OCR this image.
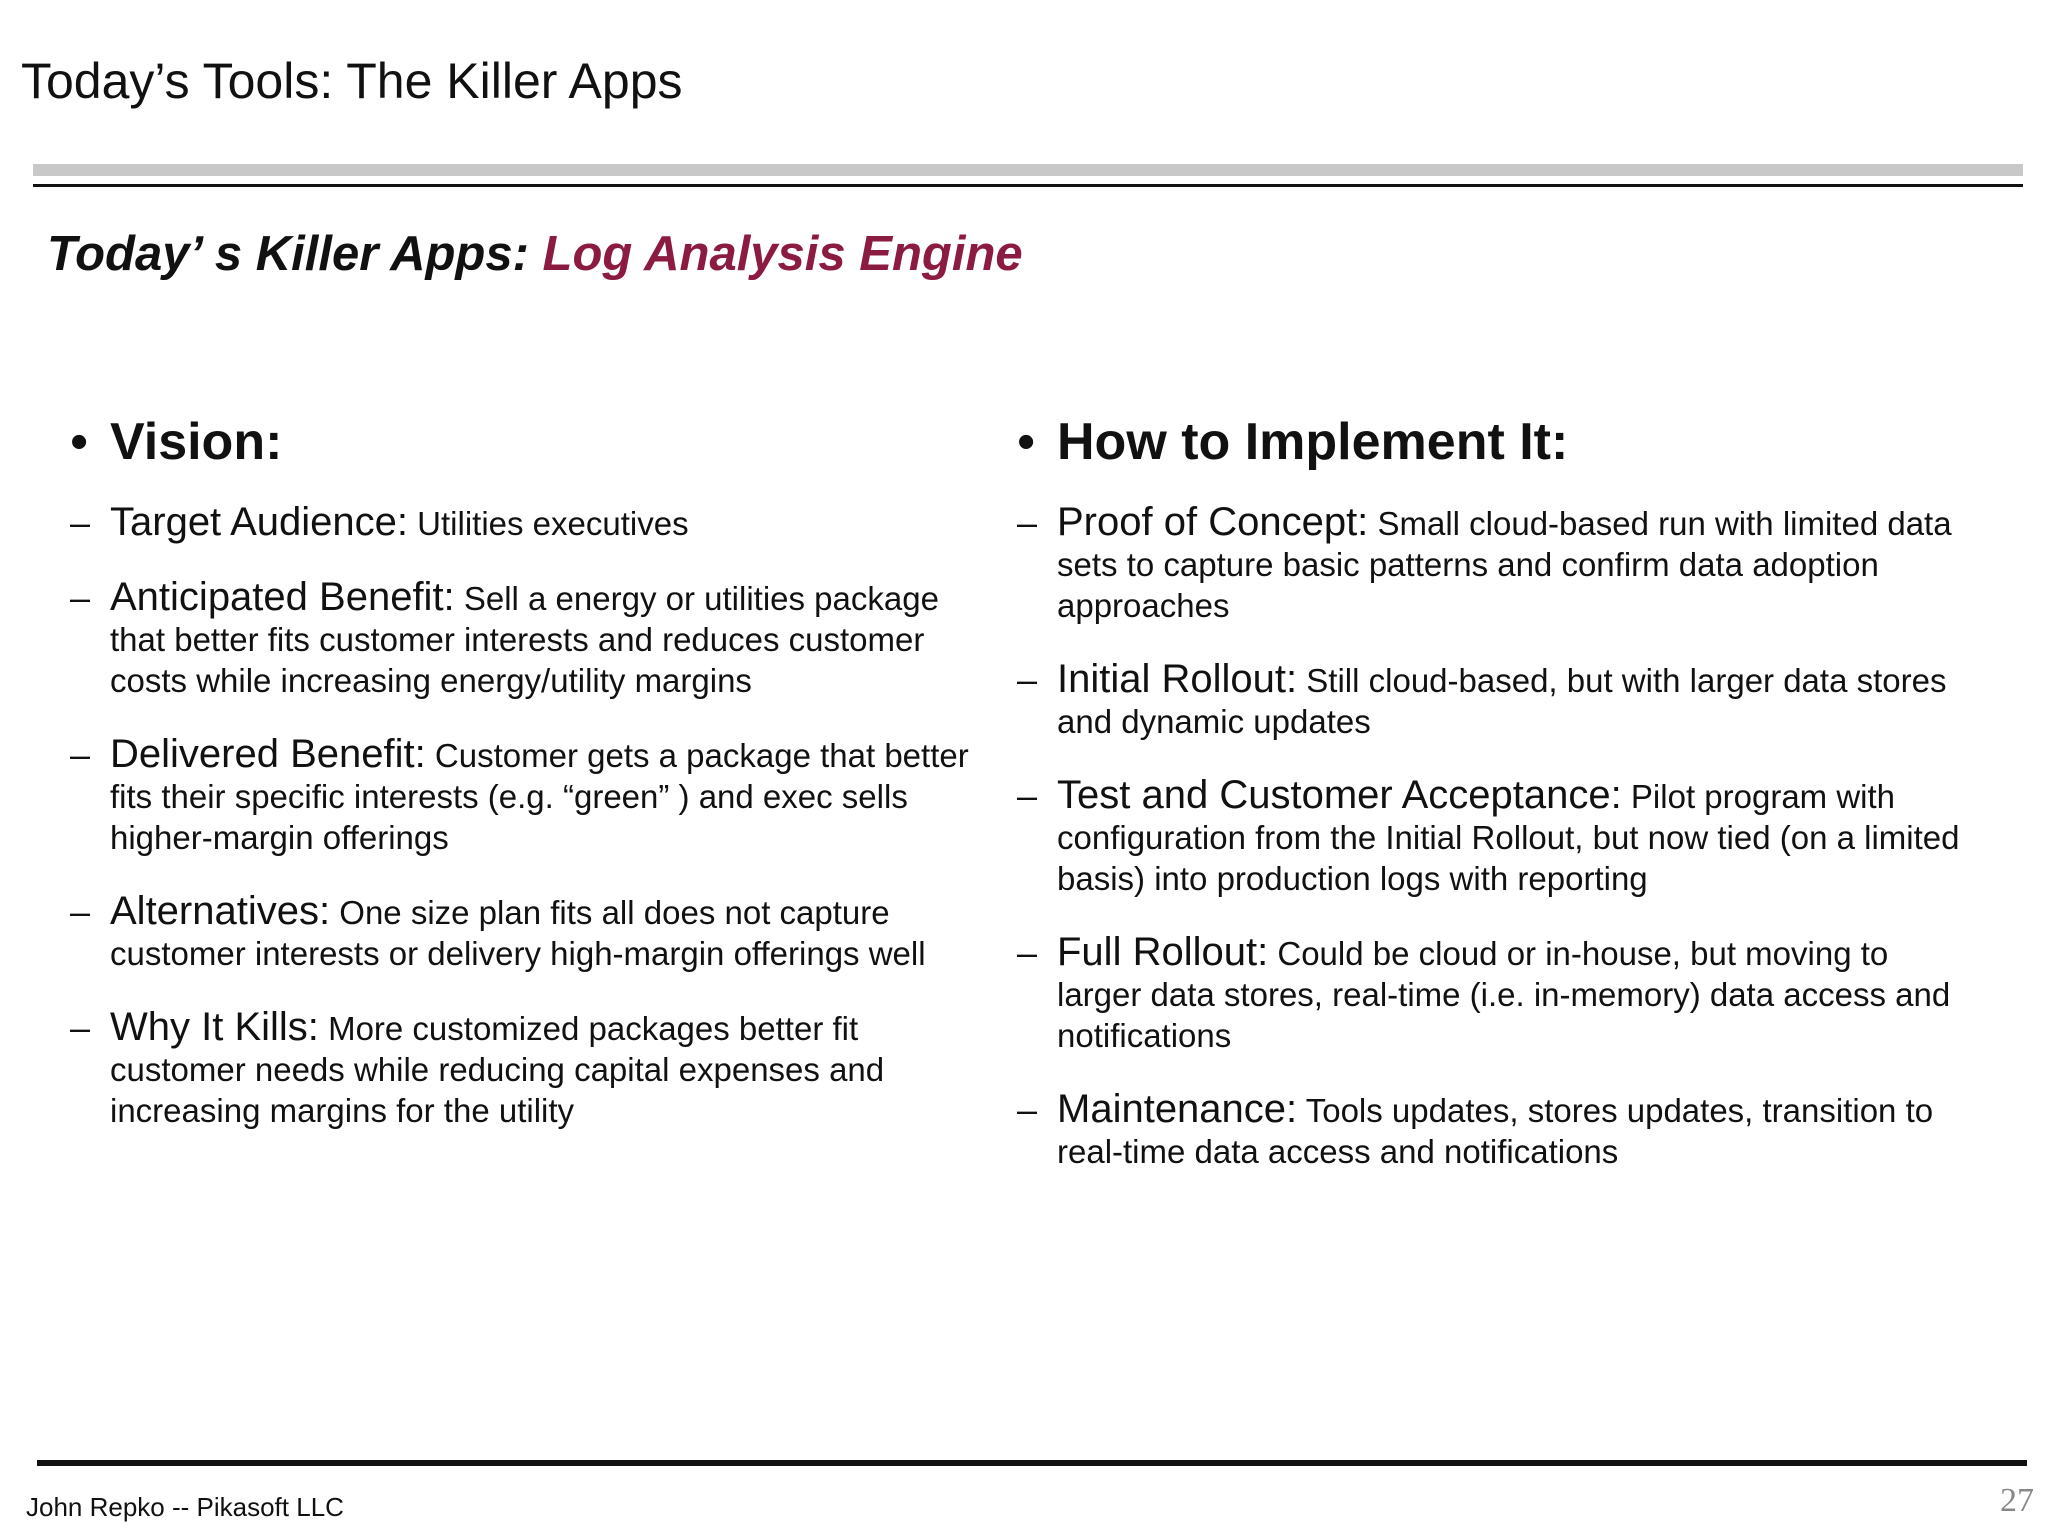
Today’s Tools: The Killer Apps
Today’ s Killer Apps: Log Analysis Engine
• Vision:
– Target Audience: Utilities executives
– Anticipated Benefit: Sell a energy or utilities package that better fits customer interests and reduces customer costs while increasing energy/utility margins
– Delivered Benefit: Customer gets a package that better fits their specific interests (e.g. “green” ) and exec sells higher-margin offerings
– Alternatives: One size plan fits all does not capture customer interests or delivery high-margin offerings well
– Why It Kills: More customized packages better fit customer needs while reducing capital expenses and increasing margins for the utility
• How to Implement It:
– Proof of Concept: Small cloud-based run with limited data sets to capture basic patterns and confirm data adoption approaches
– Initial Rollout: Still cloud-based, but with larger data stores and dynamic updates
– Test and Customer Acceptance: Pilot program with configuration from the Initial Rollout, but now tied (on a limited basis) into production logs with reporting
– Full Rollout: Could be cloud or in-house, but moving to larger data stores, real-time (i.e. in-memory) data access and notifications
– Maintenance: Tools updates, stores updates, transition to real-time data access and notifications
John Repko -- Pikasoft LLC	27
